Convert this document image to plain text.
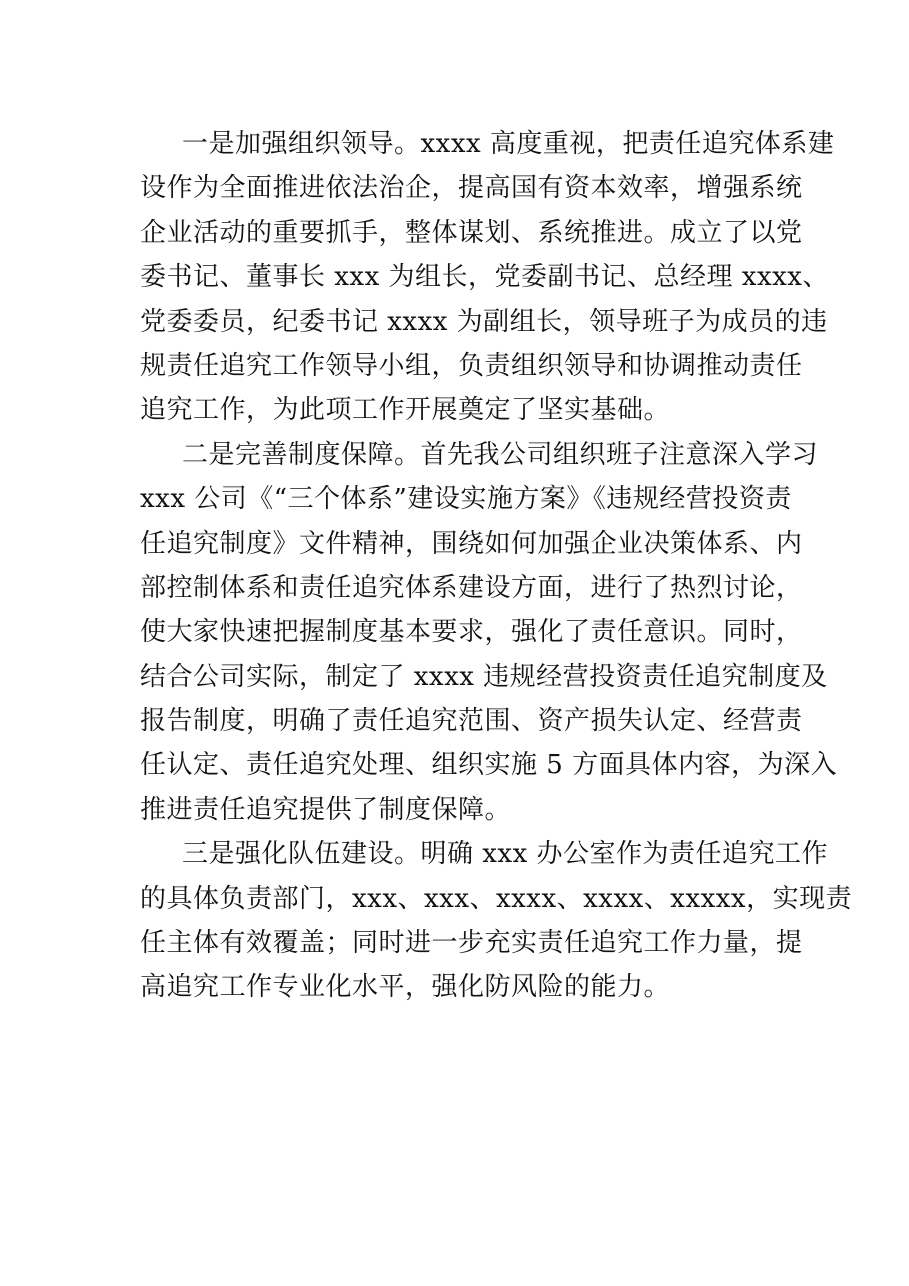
一是加强组织领导。xxxx 高度重视，把责任追究体系建
设作为全面推进依法治企，提高国有资本效率，增强系统
企业活动的重要抓手，整体谋划、系统推进。成立了以党
委书记、董事长 xxx 为组长，党委副书记、总经理 xxxx、
党委委员，纪委书记 xxxx 为副组长，领导班子为成员的违
规责任追究工作领导小组，负责组织领导和协调推动责任
追究工作，为此项工作开展奠定了坚实基础。
二是完善制度保障。首先我公司组织班子注意深入学习
xxx 公司《“三个体系”建设实施方案》《违规经营投资责
任追究制度》文件精神，围绕如何加强企业决策体系、内
部控制体系和责任追究体系建设方面，进行了热烈讨论，
使大家快速把握制度基本要求，强化了责任意识。同时，
结合公司实际，制定了 xxxx 违规经营投资责任追究制度及
报告制度，明确了责任追究范围、资产损失认定、经营责
任认定、责任追究处理、组织实施 5 方面具体内容，为深入
推进责任追究提供了制度保障。
三是强化队伍建设。明确 xxx 办公室作为责任追究工作
的具体负责部门，xxx、xxx、xxxx、xxxx、xxxxx，实现责
任主体有效覆盖；同时进一步充实责任追究工作力量，提
高追究工作专业化水平，强化防风险的能力。
